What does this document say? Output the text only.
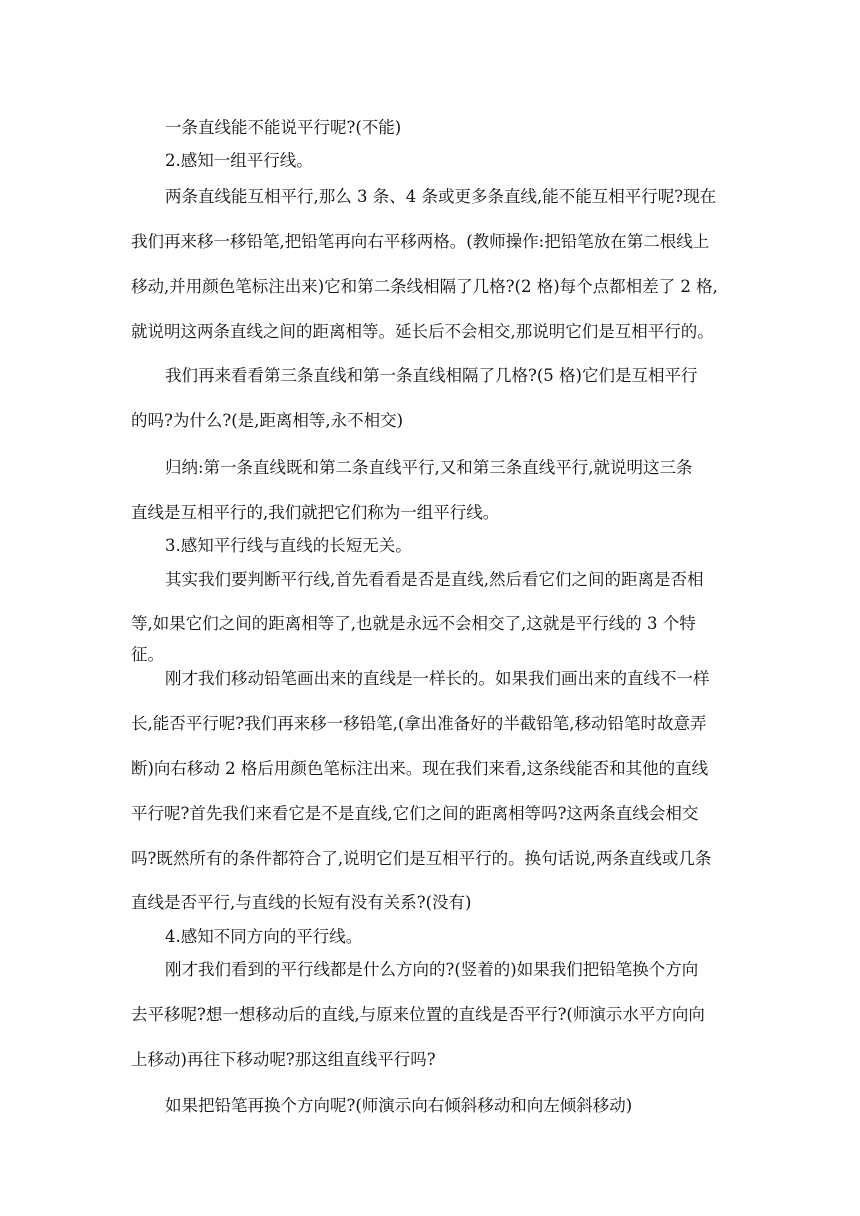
一条直线能不能说平行呢?(不能)
2.感知一组平行线。
两条直线能互相平行,那么 3 条、4 条或更多条直线,能不能互相平行呢?现在
我们再来移一移铅笔,把铅笔再向右平移两格。(教师操作:把铅笔放在第二根线上
移动,并用颜色笔标注出来)它和第二条线相隔了几格?(2 格)每个点都相差了 2 格,
就说明这两条直线之间的距离相等。延长后不会相交,那说明它们是互相平行的。
我们再来看看第三条直线和第一条直线相隔了几格?(5 格)它们是互相平行
的吗?为什么?(是,距离相等,永不相交)
归纳:第一条直线既和第二条直线平行,又和第三条直线平行,就说明这三条
直线是互相平行的,我们就把它们称为一组平行线。
3.感知平行线与直线的长短无关。
其实我们要判断平行线,首先看看是否是直线,然后看它们之间的距离是否相
等,如果它们之间的距离相等了,也就是永远不会相交了,这就是平行线的 3 个特
征。
刚才我们移动铅笔画出来的直线是一样长的。如果我们画出来的直线不一样
长,能否平行呢?我们再来移一移铅笔,(拿出准备好的半截铅笔,移动铅笔时故意弄
断)向右移动 2 格后用颜色笔标注出来。现在我们来看,这条线能否和其他的直线
平行呢?首先我们来看它是不是直线,它们之间的距离相等吗?这两条直线会相交
吗?既然所有的条件都符合了,说明它们是互相平行的。换句话说,两条直线或几条
直线是否平行,与直线的长短有没有关系?(没有)
4.感知不同方向的平行线。
刚才我们看到的平行线都是什么方向的?(竖着的)如果我们把铅笔换个方向
去平移呢?想一想移动后的直线,与原来位置的直线是否平行?(师演示水平方向向
上移动)再往下移动呢?那这组直线平行吗?
如果把铅笔再换个方向呢?(师演示向右倾斜移动和向左倾斜移动)
